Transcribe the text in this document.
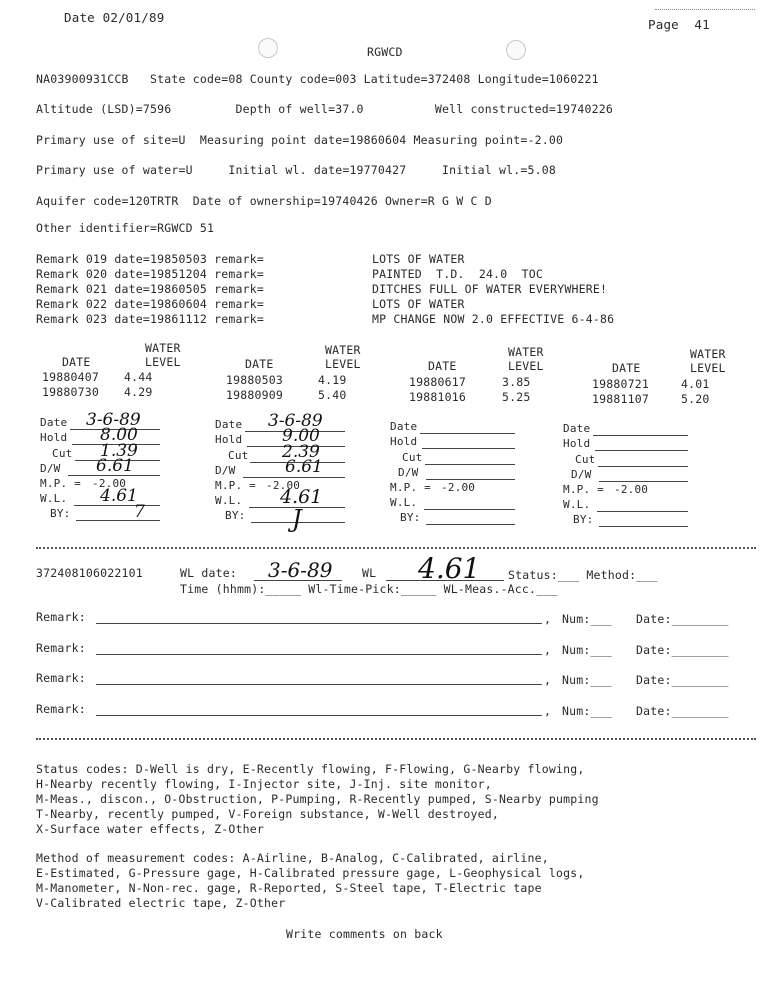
Date 02/01/89	Page  41
RGWCD
NA03900931CCB   State code=08 County code=003 Latitude=372408 Longitude=1060221
Altitude (LSD)=7596         Depth of well=37.0          Well constructed=19740226
Primary use of site=U  Measuring point date=19860604 Measuring point=-2.00
Primary use of water=U     Initial wl. date=19770427     Initial wl.=5.08
Aquifer code=120TRTR  Date of ownership=19740426 Owner=R G W C D
Other identifier=RGWCD 51
Remark 019 date=19850503 remark=	LOTS OF WATER
Remark 020 date=19851204 remark=	PAINTED  T.D.  24.0  TOC
Remark 021 date=19860505 remark=	DITCHES FULL OF WATER EVERYWHERE!
Remark 022 date=19860604 remark=	LOTS OF WATER
Remark 023 date=19861112 remark=	MP CHANGE NOW 2.0 EFFECTIVE 6-4-86
WATER
DATE	LEVEL
19880407 4.44
19880730 4.29
WATER
DATE	LEVEL
19880503	4.19
19880909	5.40
WATER
DATE	LEVEL
19880617	3.85
19881016	5.25
WATER
DATE	LEVEL
19880721	4.01
19881107	5.20
Date 3-6-89
Hold 8.00
Cut 1.39
D/W 6.61
M.P. = -2.00
W.L. 4.61
BY:	7
Date 3-6-89
Hold 9.00
Cut 2.39
D/W	6.61
M.P. = -2.00
W.L. 4.61
BY: J
Date
Hold
Cut
D/W
M.P. = -2.00
W.L.
BY:
Date
Hold
Cut
D/W
M.P. = -2.00
W.L.
BY:
372408106022101	WL date: 3-6-89	WL 4.61 Status:___ Method:___
Time (hhmm):_____ Wl-Time-Pick:_____ WL-Meas.-Acc.___
Remark:	, Num:___ Date:________
Remark:	, Num:___ Date:________
Remark:	, Num:___ Date:________
Remark:	, Num:___ Date:________
Status codes: D-Well is dry, E-Recently flowing, F-Flowing, G-Nearby flowing,
H-Nearby recently flowing, I-Injector site, J-Inj. site monitor,
M-Meas., discon., O-Obstruction, P-Pumping, R-Recently pumped, S-Nearby pumping
T-Nearby, recently pumped, V-Foreign substance, W-Well destroyed,
X-Surface water effects, Z-Other
Method of measurement codes: A-Airline, B-Analog, C-Calibrated, airline,
E-Estimated, G-Pressure gage, H-Calibrated pressure gage, L-Geophysical logs,
M-Manometer, N-Non-rec. gage, R-Reported, S-Steel tape, T-Electric tape
V-Calibrated electric tape, Z-Other
Write comments on back
